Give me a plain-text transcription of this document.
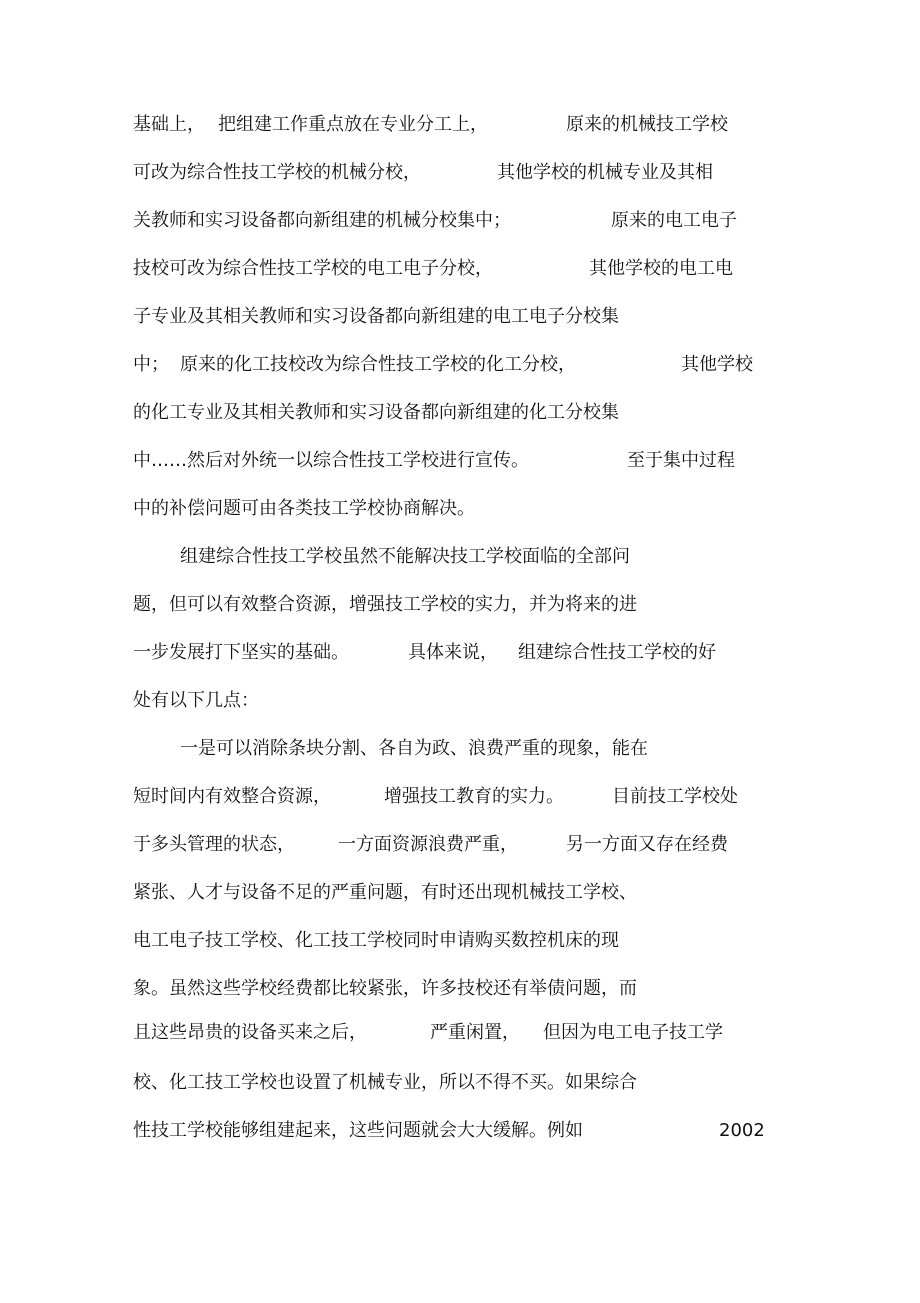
基础上， 把组建工作重点放在专业分工上，	原来的机械技工学校
可改为综合性技工学校的机械分校，	其他学校的机械专业及其相
关教师和实习设备都向新组建的机械分校集中；	原来的电工电子
技校可改为综合性技工学校的电工电子分校，	其他学校的电工电
子专业及其相关教师和实习设备都向新组建的电工电子分校集
中； 原来的化工技校改为综合性技工学校的化工分校，	其他学校
的化工专业及其相关教师和实习设备都向新组建的化工分校集
中……然后对外统一以综合性技工学校进行宣传。	至于集中过程
中的补偿问题可由各类技工学校协商解决。
组建综合性技工学校虽然不能解决技工学校面临的全部问
题，但可以有效整合资源，增强技工学校的实力，并为将来的进
一步发展打下坚实的基础。	具体来说， 组建综合性技工学校的好
处有以下几点：
一是可以消除条块分割、各自为政、浪费严重的现象，能在
短时间内有效整合资源，	增强技工教育的实力。	目前技工学校处
于多头管理的状态， 一方面资源浪费严重，	另一方面又存在经费
紧张、人才与设备不足的严重问题，有时还出现机械技工学校、
电工电子技工学校、化工技工学校同时申请购买数控机床的现
象。虽然这些学校经费都比较紧张，许多技校还有举债问题，而
且这些昂贵的设备买来之后，	严重闲置， 但因为电工电子技工学
校、化工技工学校也设置了机械专业，所以不得不买。如果综合
性技工学校能够组建起来，这些问题就会大大缓解。例如	2002
